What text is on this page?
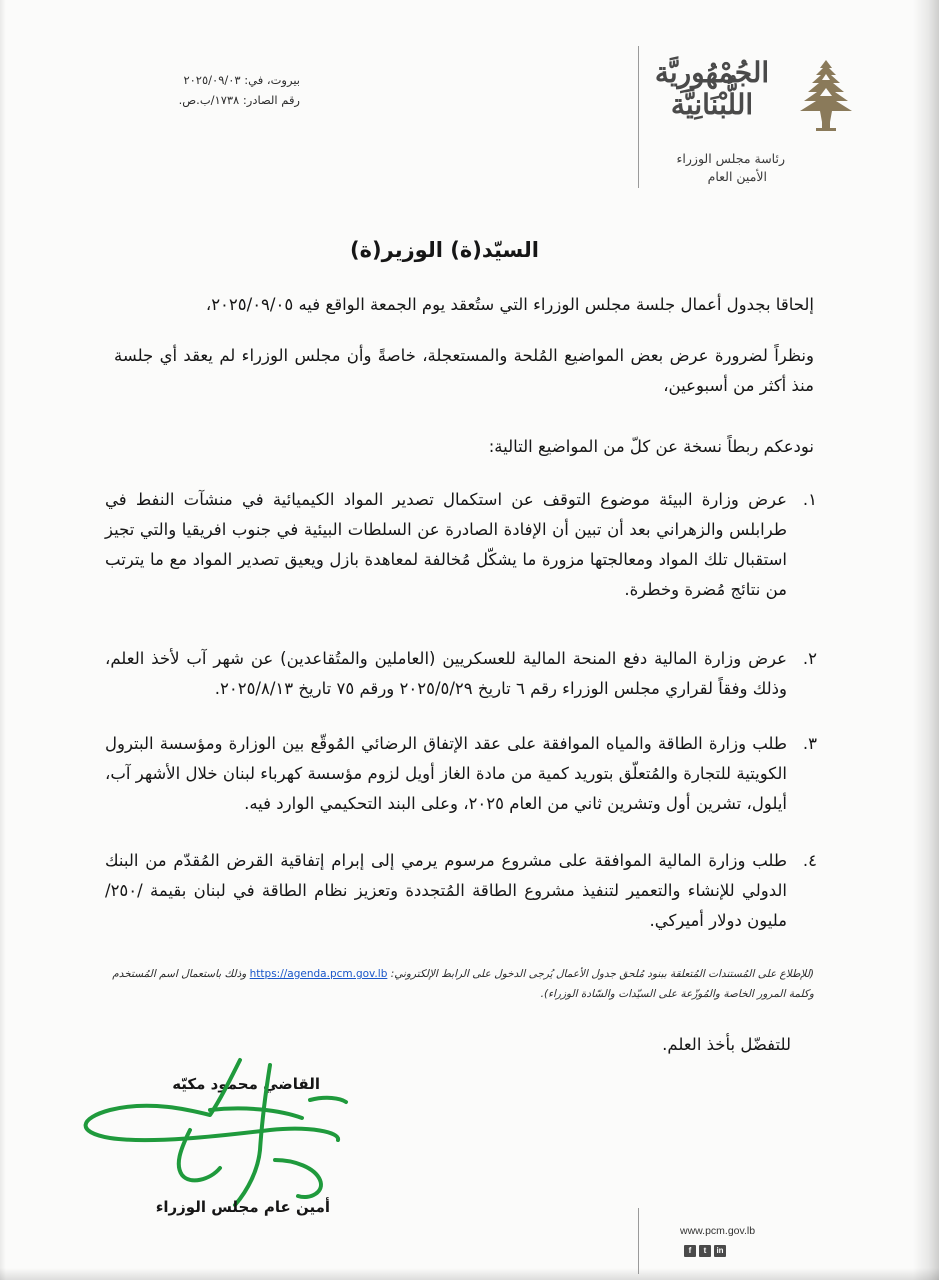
الجُمْهُورِيَّة
اللُّبْنَانِيَّة
رئاسة مجلس الوزراء
الأمين العام
بيروت، في: ٢٠٢٥/٠٩/٠٣
رقم الصادر: ١٧٣٨/ب.ص.
السيّد(ة) الوزير(ة)
إلحاقا بجدول أعمال جلسة مجلس الوزراء التي ستُعقد يوم الجمعة الواقع فيه ٢٠٢٥/٠٩/٠٥،
ونظراً لضرورة عرض بعض المواضيع المُلحة والمستعجلة، خاصةً وأن مجلس الوزراء لم يعقد أي جلسة منذ أكثر من أسبوعين،
نودعكم ربطاً نسخة عن كلّ من المواضيع التالية:
١.
عرض وزارة البيئة موضوع التوقف عن استكمال تصدير المواد الكيميائية في منشآت النفط في طرابلس والزهراني بعد أن تبين أن الإفادة الصادرة عن السلطات البيئية في جنوب افريقيا والتي تجيز استقبال تلك المواد ومعالجتها مزورة ما يشكّل مُخالفة لمعاهدة بازل ويعيق تصدير المواد مع ما يترتب من نتائج مُضرة وخطرة.
٢.
عرض وزارة المالية دفع المنحة المالية للعسكريين (العاملين والمتُقاعدين) عن شهر آب لأخذ العلم، وذلك وفقاً لقراري مجلس الوزراء رقم ٦ تاريخ ٢٠٢٥/٥/٢٩ ورقم ٧٥ تاريخ ٢٠٢٥/٨/١٣.
٣.
طلب وزارة الطاقة والمياه الموافقة على عقد الإتفاق الرضائي المُوقّع بين الوزارة ومؤسسة البترول الكويتية للتجارة والمُتعلّق بتوريد كمية من مادة الغاز أويل لزوم مؤسسة كهرباء لبنان خلال الأشهر آب، أيلول، تشرين أول وتشرين ثاني من العام ٢٠٢٥، وعلى البند التحكيمي الوارد فيه.
٤.
طلب وزارة المالية الموافقة على مشروع مرسوم يرمي إلى إبرام إتفاقية القرض المُقدّم من البنك الدولي للإنشاء والتعمير لتنفيذ مشروع الطاقة المُتجددة وتعزيز نظام الطاقة في لبنان بقيمة /٢٥٠/ مليون دولار أميركي.
(للإطلاع على المُستندات المُتعلقة ببنود مُلحق جدول الأعمال يُرجى الدخول على الرابط الإلكتروني: https://agenda.pcm.gov.lb وذلك باستعمال اسم المُستخدم وكلمة المرور الخاصة والمُوزّعة على السيّدات والسّادة الوزراء).
للتفضّل بأخذ العلم.
القاضي محمود مكيّه
أمين عام مجلس الوزراء
www.pcm.gov.lb
f	t	in
